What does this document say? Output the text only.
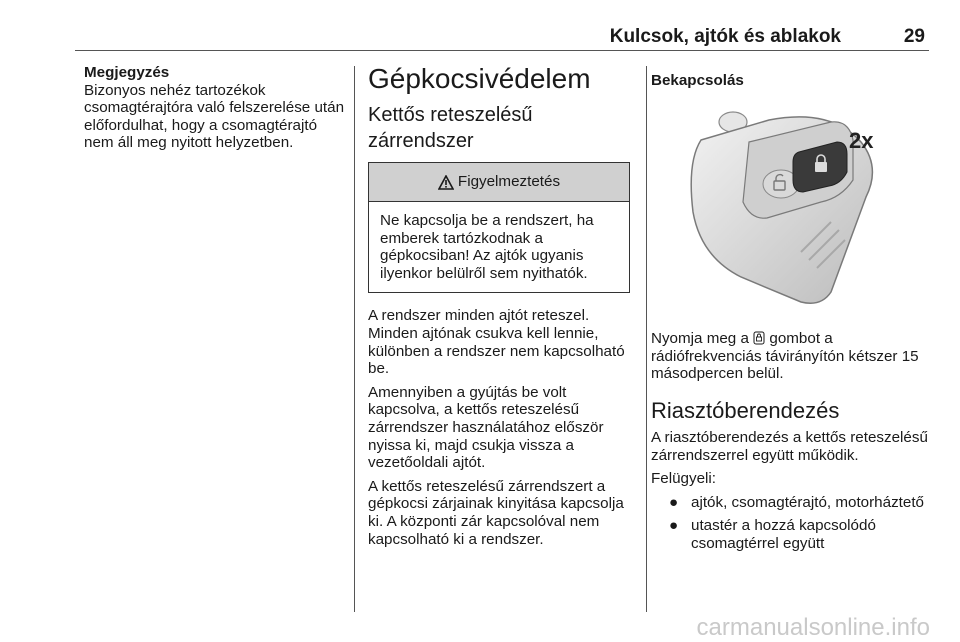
Kulcsok, ajtók és ablakok	29
Megjegyzés

Bizonyos nehéz tartozékok csomagtérajtóra való felszerelése után előfordulhat, hogy a csomagtérajtó nem áll meg nyitott helyzetben.

Gépkocsivédelem
Kettős reteszelésű zárrendszer
Figyelmeztetés
Ne kapcsolja be a rendszert, ha emberek tartózkodnak a gépkocsiban! Az ajtók ugyanis ilyenkor belülről sem nyithatók.

A rendszer minden ajtót reteszel. Minden ajtónak csukva kell lennie, különben a rendszer nem kapcsolható be.

Amennyiben a gyújtás be volt kapcsolva, a kettős reteszelésű zárrendszer használatához először nyissa ki, majd csukja vissza a vezetőoldali ajtót.

A kettős reteszelésű zárrendszert a gépkocsi zárjainak kinyitása kapcsolja ki. A központi zár kapcsolóval nem kapcsolható ki a rendszer.

Bekapcsolás
2x

Nyomja meg a gombot a rádiófrekvenciás távirányítón kétszer 15 másodpercen belül.

Riasztóberendezés

A riasztóberendezés a kettős reteszelésű zárrendszerrel együtt működik.

Felügyeli:

● ajtók, csomagtérajtó, motorháztető
● utastér a hozzá kapcsolódó csomagtérrel együtt
carmanualsonline.info
